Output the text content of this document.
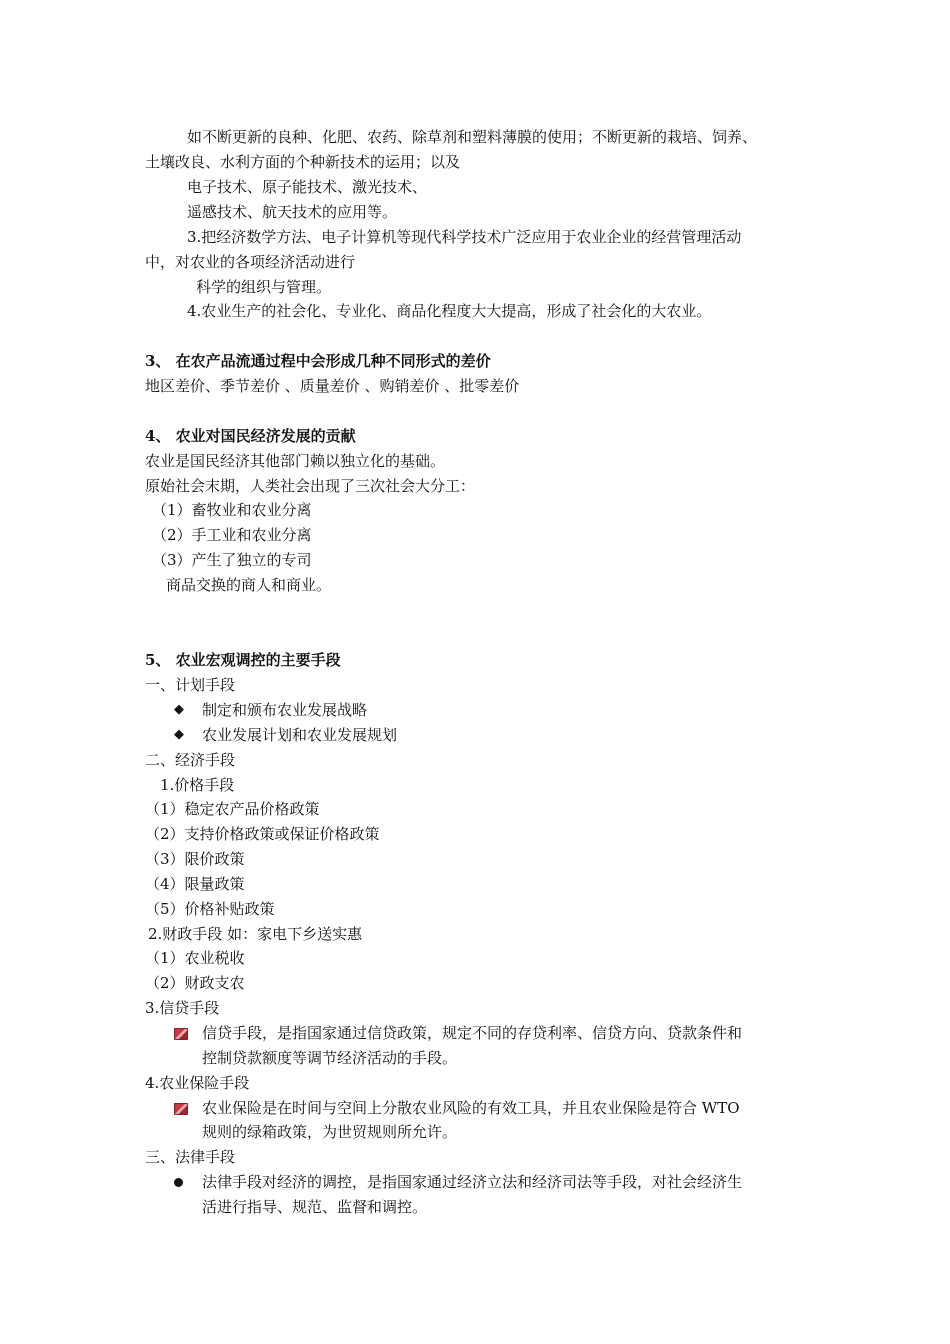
如不断更新的良种、化肥、农药、除草剂和塑料薄膜的使用；不断更新的栽培、饲养、
土壤改良、水利方面的个种新技术的运用；以及
电子技术、原子能技术、激光技术、
遥感技术、航天技术的应用等。
3.把经济数学方法、电子计算机等现代科学技术广泛应用于农业企业的经营管理活动
中，对农业的各项经济活动进行
科学的组织与管理。
4.农业生产的社会化、专业化、商品化程度大大提高，形成了社会化的大农业。
3、 在农产品流通过程中会形成几种不同形式的差价
地区差价、季节差价 、质量差价 、购销差价 、批零差价
4、 农业对国民经济发展的贡献
农业是国民经济其他部门赖以独立化的基础。
原始社会末期，人类社会出现了三次社会大分工：
（1）畜牧业和农业分离
（2）手工业和农业分离
（3）产生了独立的专司
商品交换的商人和商业。
5、 农业宏观调控的主要手段
一、计划手段
◆ 制定和颁布农业发展战略
◆ 农业发展计划和农业发展规划
二、经济手段
1.价格手段
（1）稳定农产品价格政策
（2）支持价格政策或保证价格政策
（3）限价政策
（4）限量政策
（5）价格补贴政策
2.财政手段 如：家电下乡送实惠
（1）农业税收
（2）财政支农
3.信贷手段
信贷手段，是指国家通过信贷政策，规定不同的存贷利率、信贷方向、贷款条件和
控制贷款额度等调节经济活动的手段。
4.农业保险手段
农业保险是在时间与空间上分散农业风险的有效工具，并且农业保险是符合 WTO
规则的绿箱政策，为世贸规则所允许。
三、法律手段
法律手段对经济的调控，是指国家通过经济立法和经济司法等手段，对社会经济生
活进行指导、规范、监督和调控。
